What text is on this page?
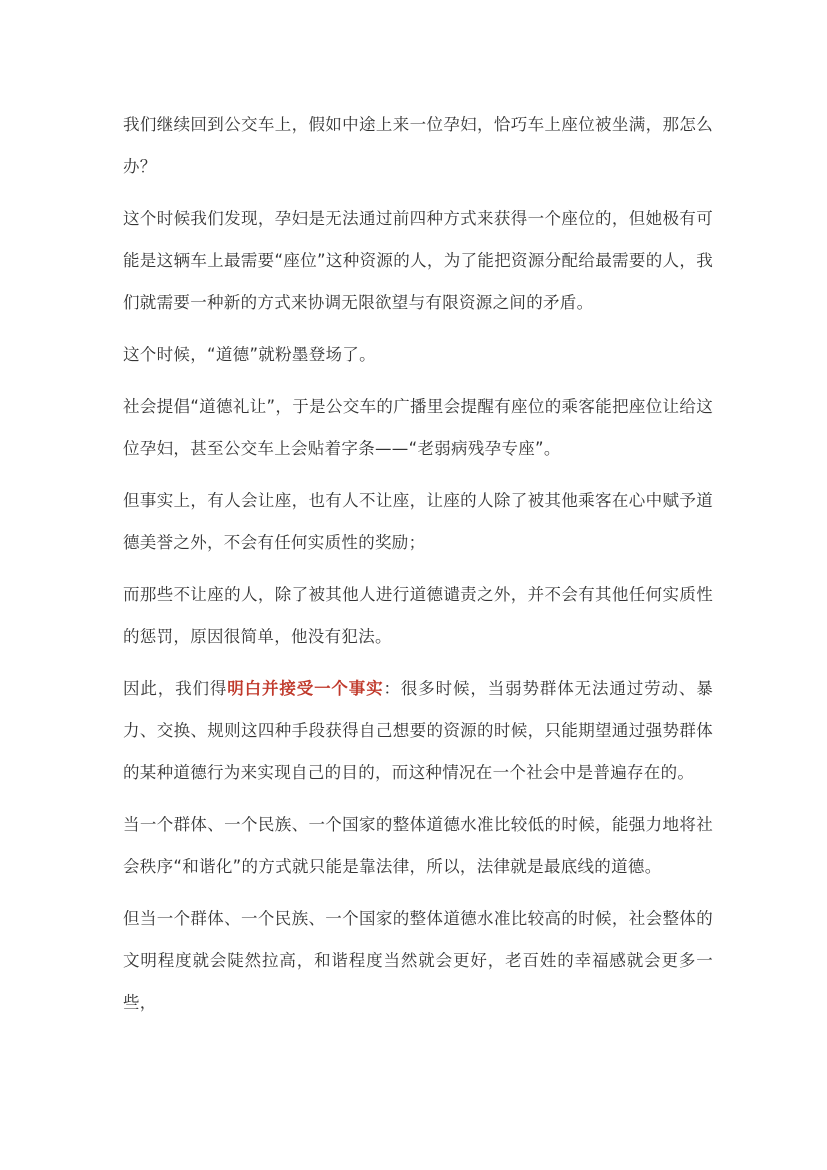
我们继续回到公交车上，假如中途上来一位孕妇，恰巧车上座位被坐满，那怎么办？

这个时候我们发现，孕妇是无法通过前四种方式来获得一个座位的，但她极有可能是这辆车上最需要“座位”这种资源的人，为了能把资源分配给最需要的人，我们就需要一种新的方式来协调无限欲望与有限资源之间的矛盾。

这个时候，“道德”就粉墨登场了。

社会提倡“道德礼让”，于是公交车的广播里会提醒有座位的乘客能把座位让给这位孕妇，甚至公交车上会贴着字条——“老弱病残孕专座”。

但事实上，有人会让座，也有人不让座，让座的人除了被其他乘客在心中赋予道德美誉之外，不会有任何实质性的奖励；

而那些不让座的人，除了被其他人进行道德谴责之外，并不会有其他任何实质性的惩罚，原因很简单，他没有犯法。

因此，我们得明白并接受一个事实：很多时候，当弱势群体无法通过劳动、暴力、交换、规则这四种手段获得自己想要的资源的时候，只能期望通过强势群体的某种道德行为来实现自己的目的，而这种情况在一个社会中是普遍存在的。

当一个群体、一个民族、一个国家的整体道德水准比较低的时候，能强力地将社会秩序“和谐化”的方式就只能是靠法律，所以，法律就是最底线的道德。

但当一个群体、一个民族、一个国家的整体道德水准比较高的时候，社会整体的文明程度就会陡然拉高，和谐程度当然就会更好，老百姓的幸福感就会更多一些，
